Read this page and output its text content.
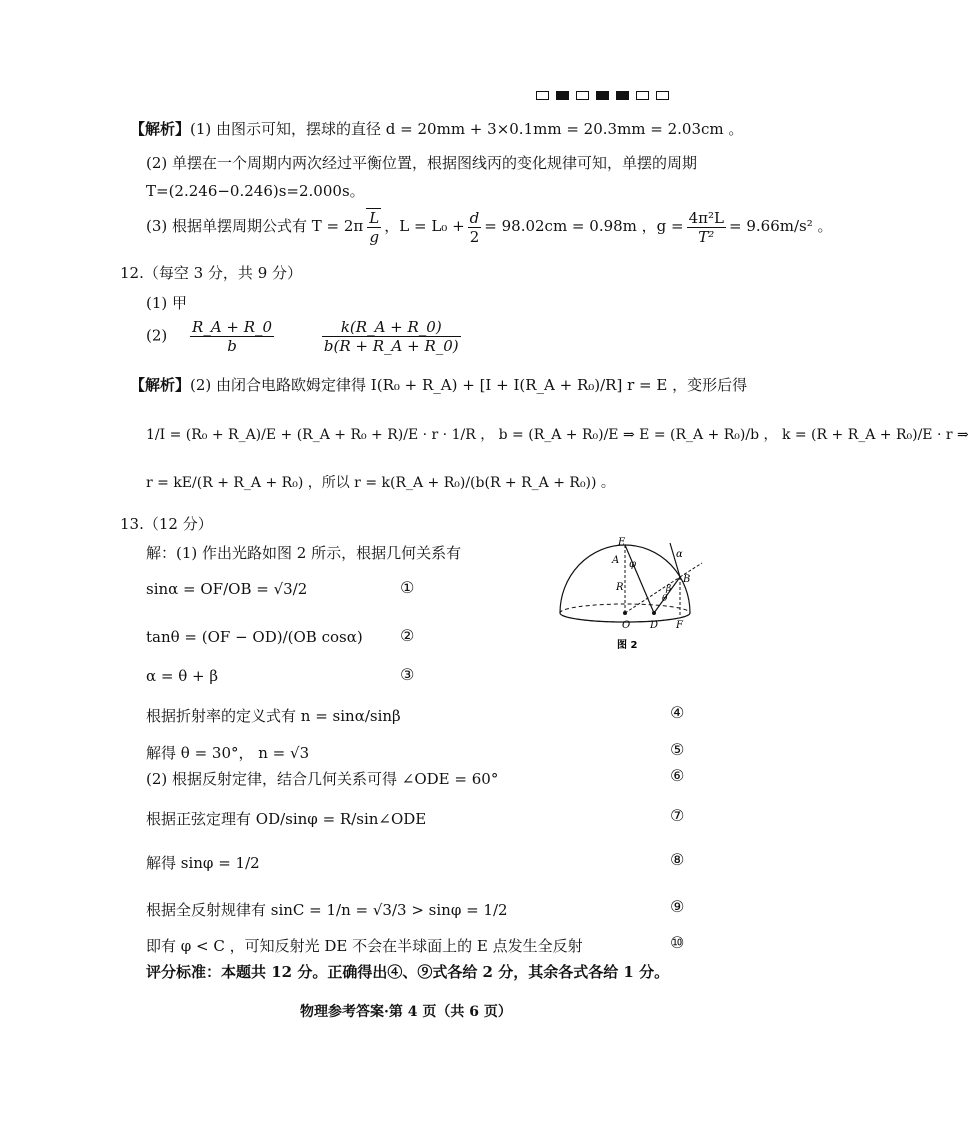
【解析】(1) 由图示可知，摆球的直径 d = 20mm + 3×0.1mm = 20.3mm = 2.03cm 。
(2) 单摆在一个周期内两次经过平衡位置，根据图线丙的变化规律可知，单摆的周期
T=(2.246−0.246)s=2.000s。
(3) 根据单摆周期公式有 $T = 2\pi \frac{L}{g}$ ，$L = L_0 + \frac{d}{2} = 98.02cm = 0.98m$ ，$g = \frac{\text{4π²L}}{\text{T²}} = 9.66m/s^2$ 。
12.（每空 3 分，共 9 分）
(1) 甲
$(2) \frac{R\_A + R\_0}{b}$
	$\frac{k(R\_A + R\_0)}{b(R + R\_A + R\_0)}$
【解析】(2) 由闭合电路欧姆定律得 I(R₀ + R_A) + [I + I(R_A + R₀)/R] r = E ，变形后得
1/I = (R₀ + R_A)/E + (R_A + R₀ + R)/E · r · 1/R ， b = (R_A + R₀)/E ⇒ E = (R_A + R₀)/b ， k = (R + R_A + R₀)/E · r ⇒
r = kE/(R + R_A + R₀) ，所以 r = k(R_A + R₀)/(b(R + R_A + R₀)) 。
13.（12 分）
解：(1) 作出光路如图 2 所示，根据几何关系有
sinα = OF/OB = √3/2	①
tanθ = (OF − OD)/(OB cosα) ②
α = θ + β	③
根据折射率的定义式有 n = sinα/sinβ	④
解得 θ = 30°， n = √3	⑤
(2) 根据反射定律，结合几何关系可得 ∠ODE = 60°	⑥
根据正弦定理有 OD/sinφ = R/sin∠ODE	⑦
解得 sinφ = 1/2	⑧
根据全反射规律有 sinC = 1/n = √3/3 > sinφ = 1/2	⑨
即有 φ < C ，可知反射光 DE 不会在半球面上的 E 点发生全反射	⑩
评分标准：本题共 12 分。正确得出④、⑨式各给 2 分，其余各式各给 1 分。
E
A φ
R
α
B
β
θ
O D F
图 2
物理参考答案·第 4 页（共 6 页）
